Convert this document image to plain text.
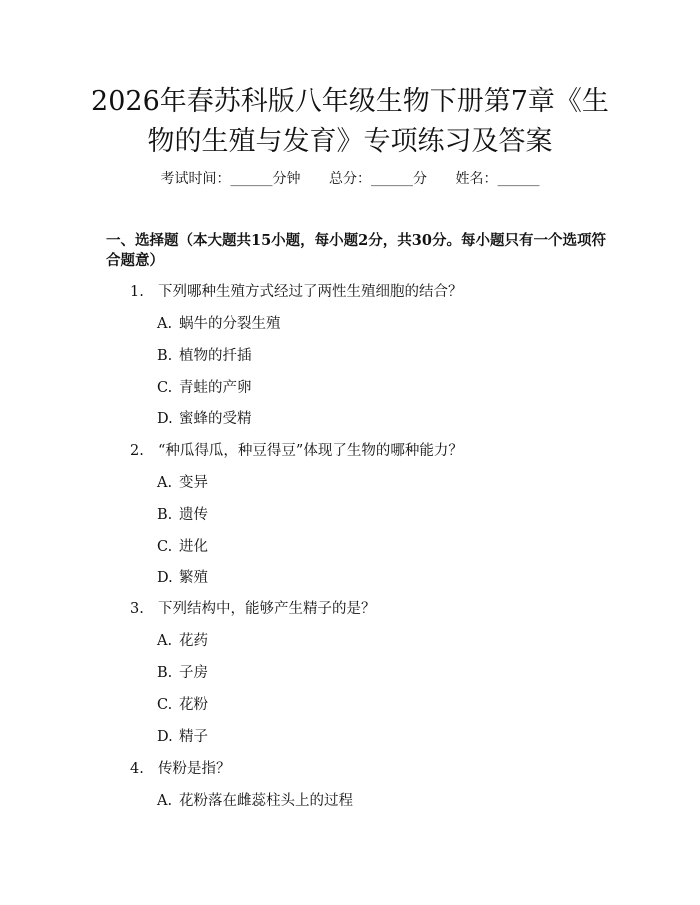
2026年春苏科版八年级生物下册第7章《生
物的生殖与发育》专项练习及答案
考试时间：______分钟 总分：______分 姓名：______

一、选择题（本大题共15小题，每小题2分，共30分。每小题只有一个选项符合题意）

1. 下列哪种生殖方式经过了两性生殖细胞的结合？

A. 蜗牛的分裂生殖

B. 植物的扦插

C. 青蛙的产卵

D. 蜜蜂的受精

2. “种瓜得瓜，种豆得豆”体现了生物的哪种能力？

A. 变异

B. 遗传

C. 进化

D. 繁殖

3. 下列结构中，能够产生精子的是？

A. 花药

B. 子房

C. 花粉

D. 精子

4. 传粉是指？

A. 花粉落在雌蕊柱头上的过程
